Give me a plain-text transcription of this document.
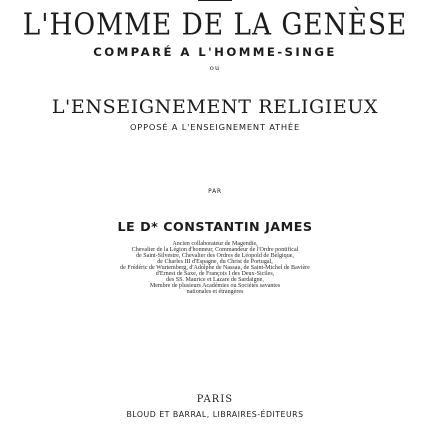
L'HOMME DE LA GENÈSE
COMPARÉ A L'HOMME-SINGE
ou
L'ENSEIGNEMENT RELIGIEUX
OPPOSÉ A L'ENSEIGNEMENT ATHÉE
PAR
LE D* CONSTANTIN JAMES
Ancien collaborateur de Magendie,
Chevalier de la Légion d'honneur, Commandeur de l'Ordre pontifical
de Saint-Silvestre, Chevalier des Ordres de Léopold de Belgique,
de Charles III d'Espagne, du Christ de Portugal,
de Frédéric de Wurtemberg, d'Adolphe de Nassau, de Saint-Michel de Bavière
d'Ernest de Saxe, de François I des Deux-Siciles,
des SS. Maurice et Lazare de Sardaigne,
Membre de plusieurs Académies ou Sociétés savantes
nationales et étrangères
PARIS
BLOUD ET BARRAL, LIBRAIRES-ÉDITEURS
